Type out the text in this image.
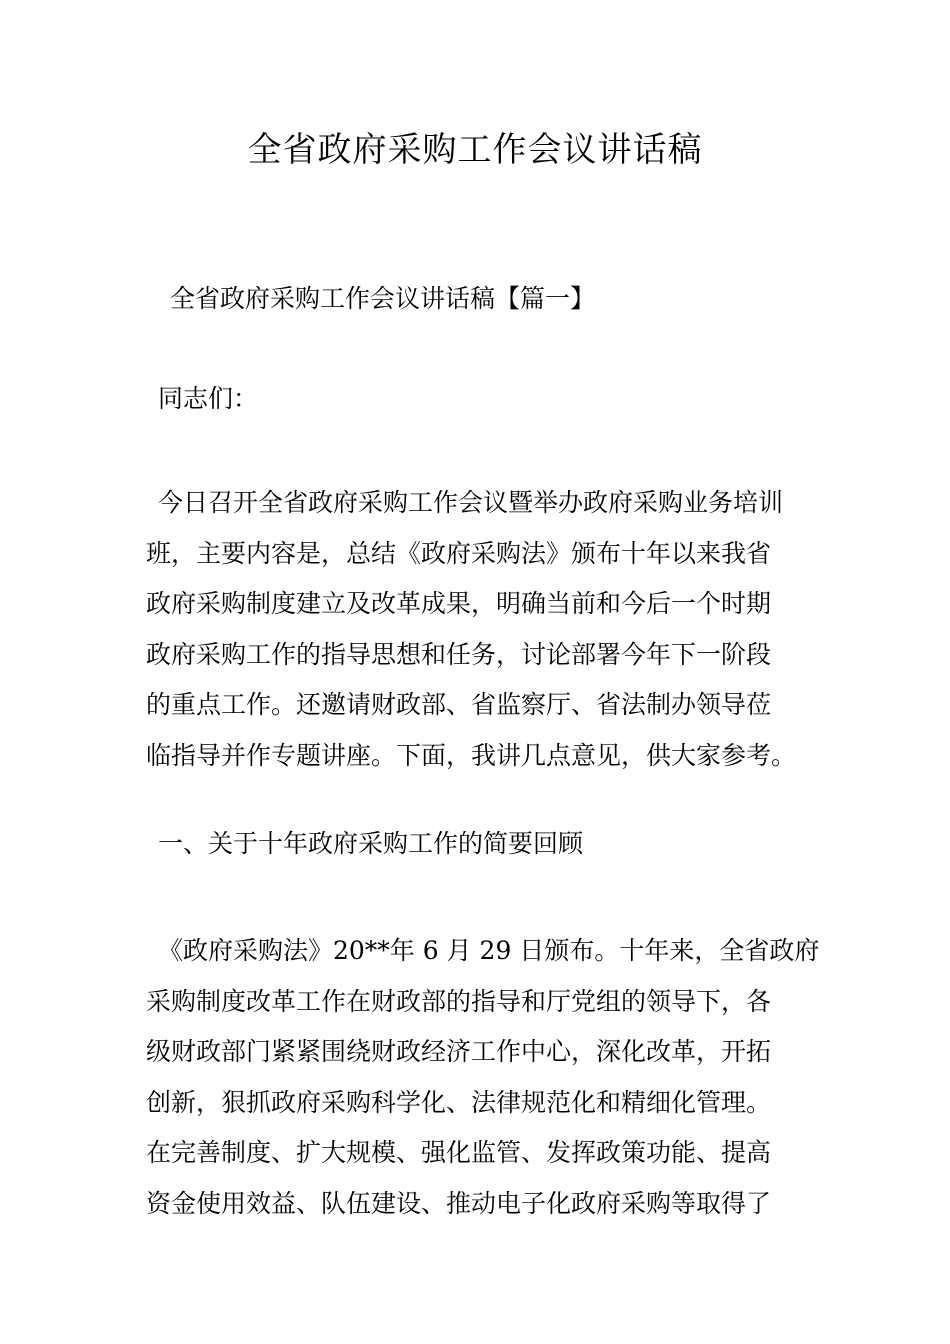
全省政府采购工作会议讲话稿

全省政府采购工作会议讲话稿【篇一】

同志们：

今日召开全省政府采购工作会议暨举办政府采购业务培训
班，主要内容是，总结《政府采购法》颁布十年以来我省
政府采购制度建立及改革成果，明确当前和今后一个时期
政府采购工作的指导思想和任务，讨论部署今年下一阶段
的重点工作。还邀请财政部、省监察厅、省法制办领导莅
临指导并作专题讲座。下面，我讲几点意见，供大家参考。

一、关于十年政府采购工作的简要回顾

《政府采购法》20**年 6 月 29 日颁布。十年来，全省政府
采购制度改革工作在财政部的指导和厅党组的领导下，各
级财政部门紧紧围绕财政经济工作中心，深化改革，开拓
创新，狠抓政府采购科学化、法律规范化和精细化管理。
在完善制度、扩大规模、强化监管、发挥政策功能、提高
资金使用效益、队伍建设、推动电子化政府采购等取得了
